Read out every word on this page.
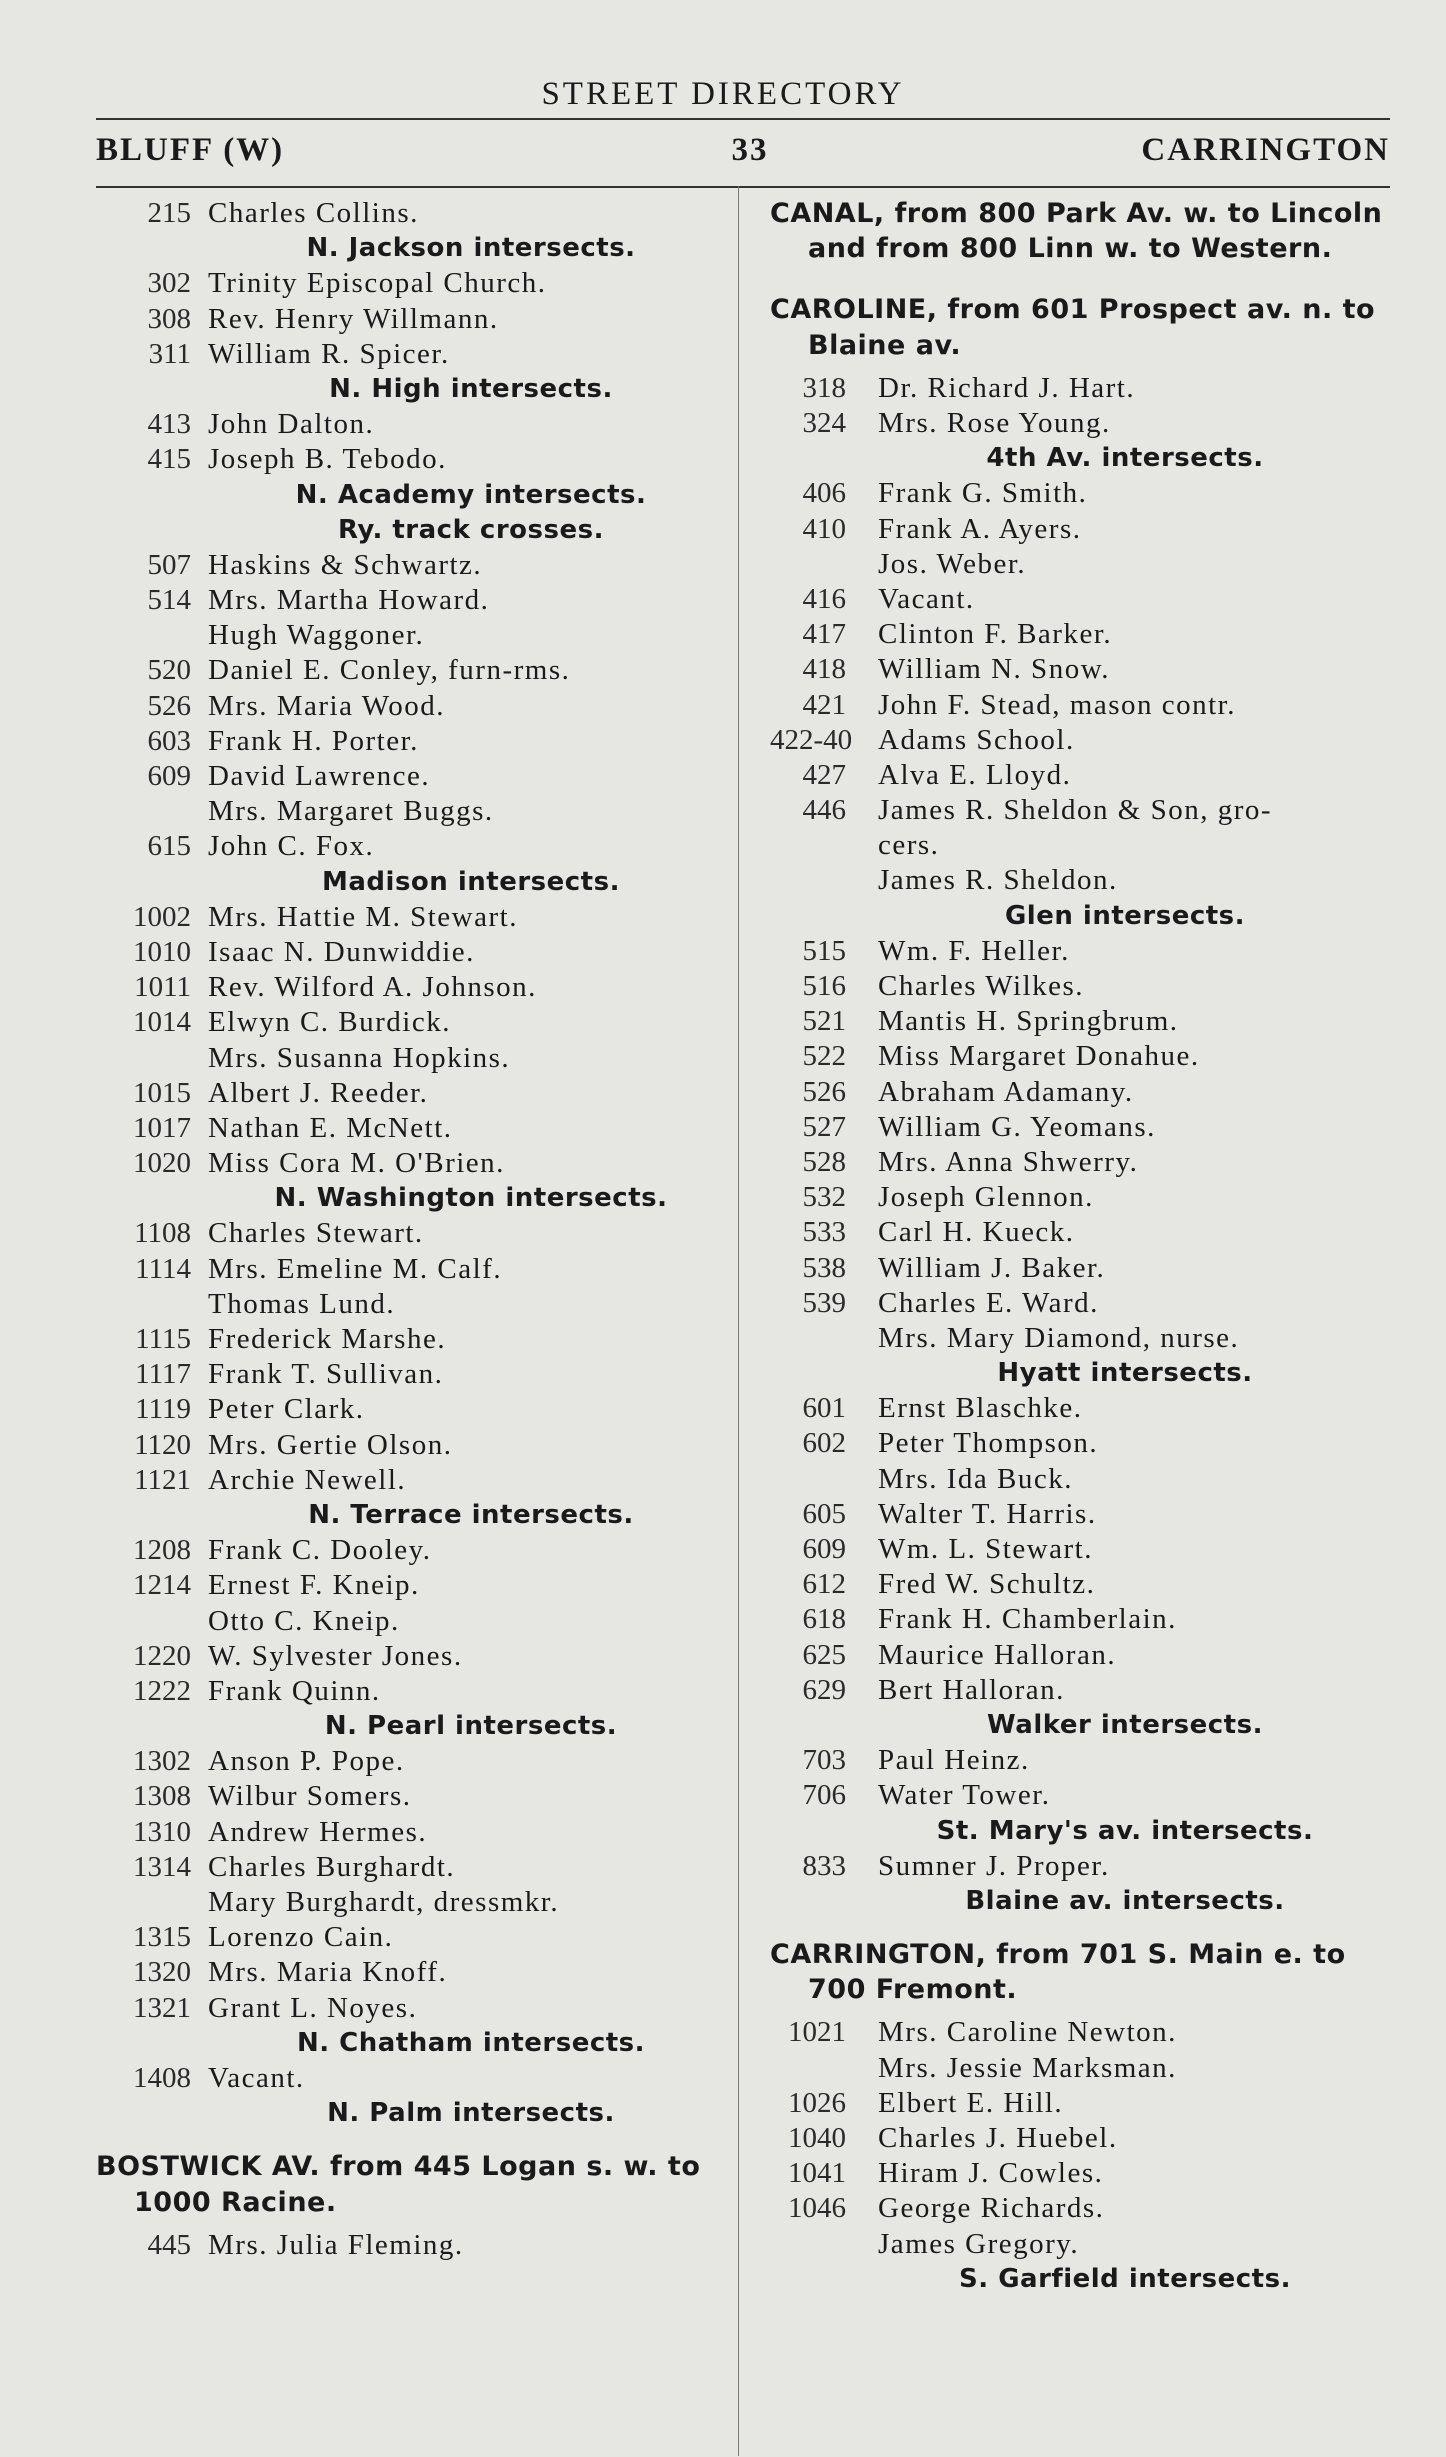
STREET DIRECTORY
BLUFF (W)	33	CARRINGTON
215 Charles Collins.
N. Jackson intersects.
302 Trinity Episcopal Church.
308 Rev. Henry Willmann.
311 William R. Spicer.
N. High intersects.
413 John Dalton.
415 Joseph B. Tebodo.
N. Academy intersects.
Ry. track crosses.
507 Haskins & Schwartz.
514 Mrs. Martha Howard.
Hugh Waggoner.
520 Daniel E. Conley, furn-rms.
526 Mrs. Maria Wood.
603 Frank H. Porter.
609 David Lawrence.
Mrs. Margaret Buggs.
615 John C. Fox.
Madison intersects.
1002 Mrs. Hattie M. Stewart.
1010 Isaac N. Dunwiddie.
1011 Rev. Wilford A. Johnson.
1014 Elwyn C. Burdick.
Mrs. Susanna Hopkins.
1015 Albert J. Reeder.
1017 Nathan E. McNett.
1020 Miss Cora M. O'Brien.
N. Washington intersects.
1108 Charles Stewart.
1114 Mrs. Emeline M. Calf.
Thomas Lund.
1115 Frederick Marshe.
1117 Frank T. Sullivan.
1119 Peter Clark.
1120 Mrs. Gertie Olson.
1121 Archie Newell.
N. Terrace intersects.
1208 Frank C. Dooley.
1214 Ernest F. Kneip.
Otto C. Kneip.
1220 W. Sylvester Jones.
1222 Frank Quinn.
N. Pearl intersects.
1302 Anson P. Pope.
1308 Wilbur Somers.
1310 Andrew Hermes.
1314 Charles Burghardt.
Mary Burghardt, dressmkr.
1315 Lorenzo Cain.
1320 Mrs. Maria Knoff.
1321 Grant L. Noyes.
N. Chatham intersects.
1408 Vacant.
N. Palm intersects.
BOSTWICK AV. from 445 Logan s. w. to 1000 Racine.
445 Mrs. Julia Fleming.
CANAL, from 800 Park Av. w. to Lincoln and from 800 Linn w. to Western.
CAROLINE, from 601 Prospect av. n. to Blaine av.
318 Dr. Richard J. Hart.
324 Mrs. Rose Young.
4th Av. intersects.
406 Frank G. Smith.
410 Frank A. Ayers.
Jos. Weber.
416 Vacant.
417 Clinton F. Barker.
418 William N. Snow.
421 John F. Stead, mason contr.
422-40 Adams School.
427 Alva E. Lloyd.
446 James R. Sheldon & Son, gro-
cers.
James R. Sheldon.
Glen intersects.
515 Wm. F. Heller.
516 Charles Wilkes.
521 Mantis H. Springbrum.
522 Miss Margaret Donahue.
526 Abraham Adamany.
527 William G. Yeomans.
528 Mrs. Anna Shwerry.
532 Joseph Glennon.
533 Carl H. Kueck.
538 William J. Baker.
539 Charles E. Ward.
Mrs. Mary Diamond, nurse.
Hyatt intersects.
601 Ernst Blaschke.
602 Peter Thompson.
Mrs. Ida Buck.
605 Walter T. Harris.
609 Wm. L. Stewart.
612 Fred W. Schultz.
618 Frank H. Chamberlain.
625 Maurice Halloran.
629 Bert Halloran.
Walker intersects.
703 Paul Heinz.
706 Water Tower.
St. Mary's av. intersects.
833 Sumner J. Proper.
Blaine av. intersects.
CARRINGTON, from 701 S. Main e. to 700 Fremont.
1021 Mrs. Caroline Newton.
Mrs. Jessie Marksman.
1026 Elbert E. Hill.
1040 Charles J. Huebel.
1041 Hiram J. Cowles.
1046 George Richards.
James Gregory.
S. Garfield intersects.
